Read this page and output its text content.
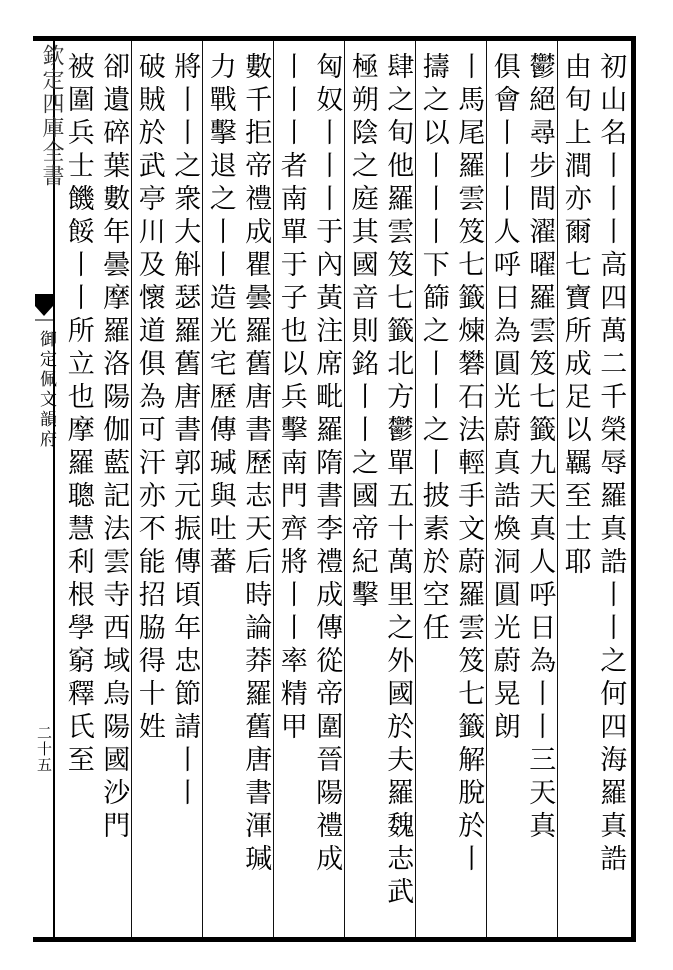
欽定四庫全書
御定佩文韻府
二十五	初山名丨丨丨高四萬二千榮辱羅真誥丨丨之何四海羅真誥
由旬上澗亦爾七寶所成足以羈至士耶
鬱絕尋步間濯曜羅雲笈七籤九天真人呼日為丨丨三天真
俱會丨丨丨人呼日為圓光蔚真誥煥洞圓光蔚晃朗
丨馬尾羅雲笈七籤煉礬石法輕手文蔚羅雲笈七籤解脫於丨
擣之以丨丨丨下篩之丨丨之丨披素於空任
肆之旬他羅雲笈七籤北方鬱單五十萬里之外國於夫羅魏志武
極朔陰之庭其國音則銘丨丨之國帝紀擊
匈奴丨丨丨于內黃注席毗羅隋書李禮成傳從帝圍晉陽禮成
丨丨丨者南單于子也以兵擊南門齊將丨丨率精甲
數千拒帝禮成瞿曇羅舊唐書歷志天后時論莽羅舊唐書渾瑊
力戰擊退之丨丨造光宅歷傳瑊與吐蕃
將丨丨之衆大斛瑟羅舊唐書郭元振傳頃年忠節請丨丨
破賊於武亭川及懷道俱為可汗亦不能招脇得十姓
卻遺碎葉數年曇摩羅洛陽伽藍記法雲寺西域烏陽國沙門
被圍兵士饑餒丨丨所立也摩羅聰慧利根學窮釋氏至
